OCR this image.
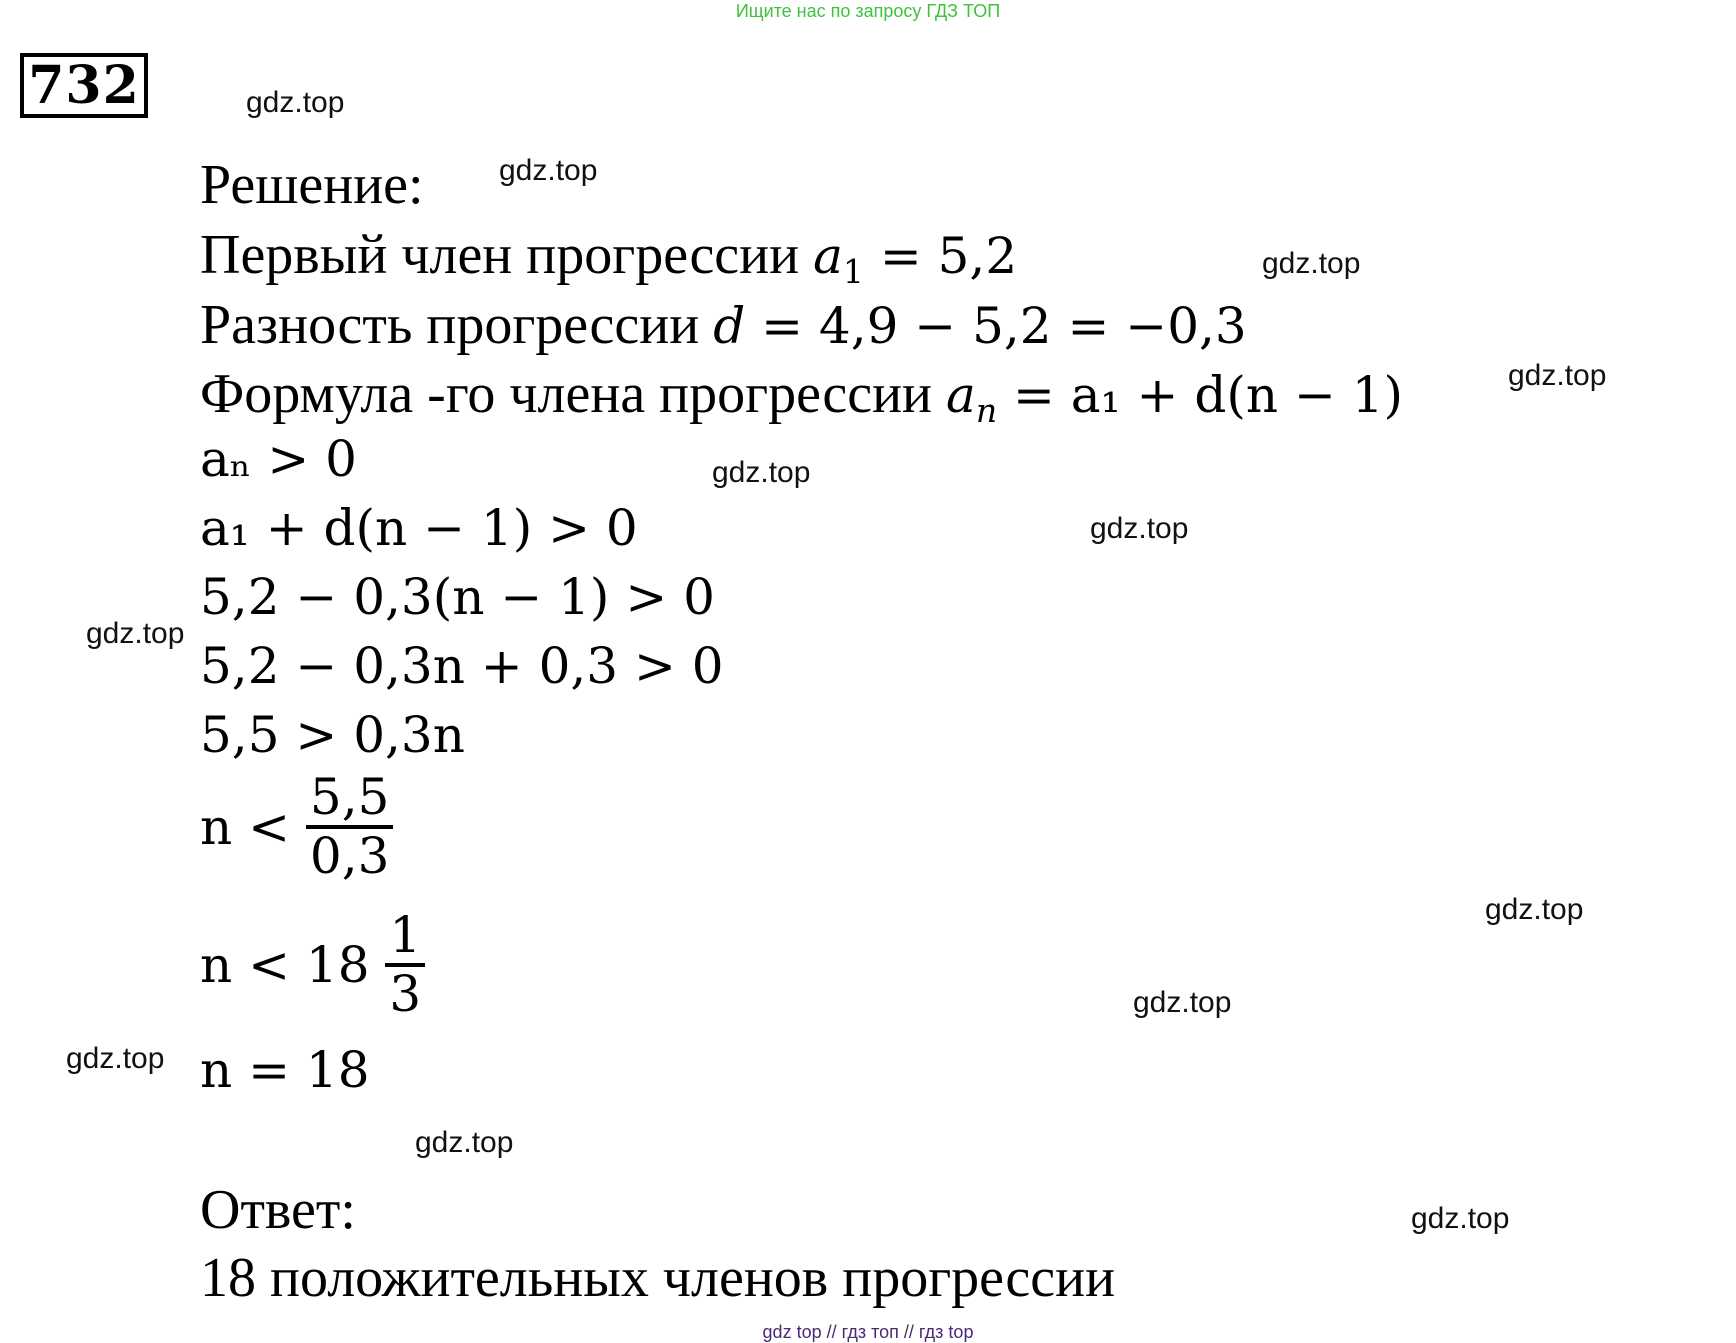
Ищите нас по запросу ГДЗ ТОП
732	gdz.top
gdz.top
gdz.top
gdz.top
gdz.top
gdz.top
gdz.top
gdz.top
gdz.top
gdz.top
gdz.top
gdz.top
Решение:
Первый член прогрессии $a_1 = 5,2$
Разность прогрессии d = 4,9 − 5,2 = −0,3
Формула -го члена прогрессии $a_n = a_1 + d(n - 1)$
aₙ > 0
a₁ + d(n − 1) > 0
5,2 − 0,3(n − 1) > 0
5,2 − 0,3n + 0,3 > 0
5,5 > 0,3n
$n < \frac{5,5}{0,3}$
$n < 18 \frac{1}{3}$
n = 18
Ответ:
18 положительных членов прогрессии
gdz top // гдз топ // гдз top
